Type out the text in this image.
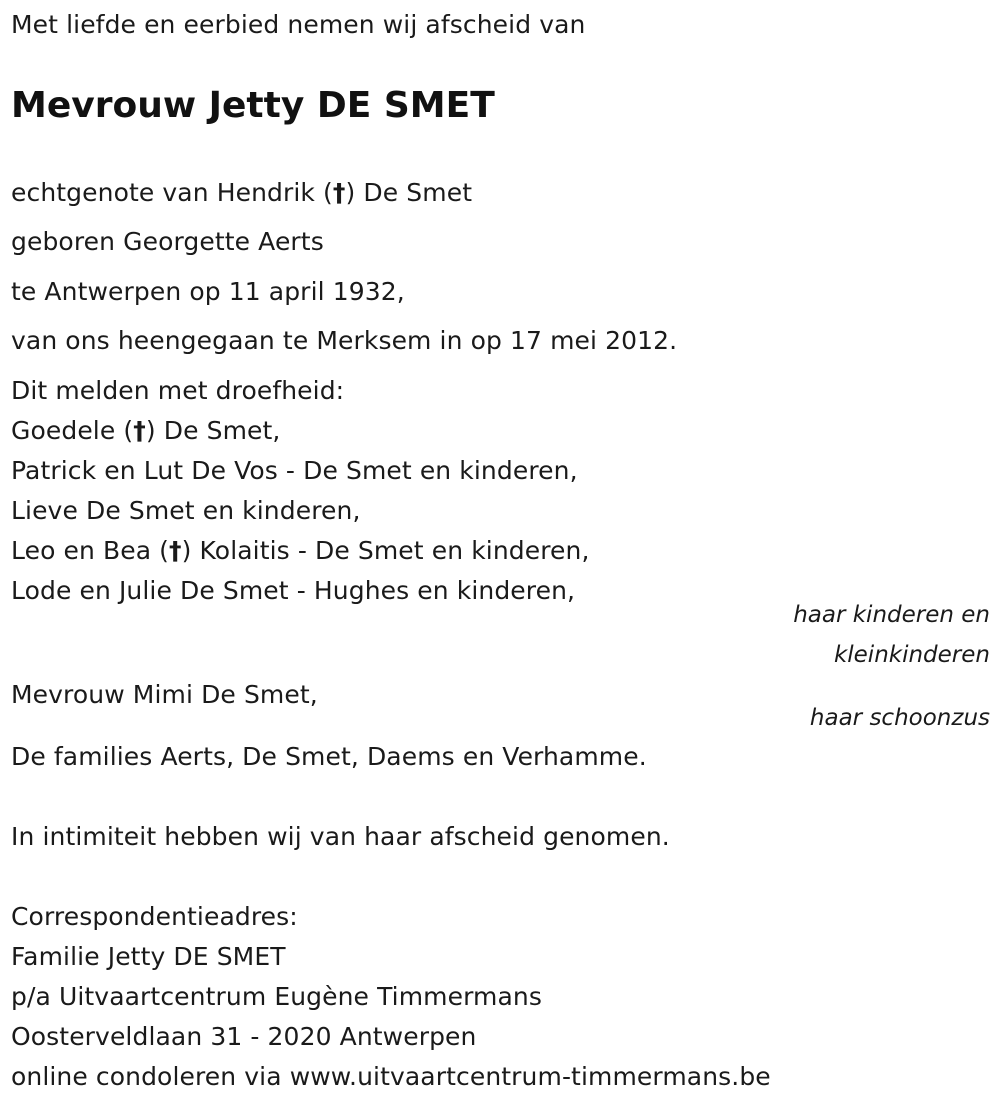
Met liefde en eerbied nemen wij afscheid van
Mevrouw Jetty DE SMET
echtgenote van Hendrik (†) De Smet
geboren Georgette Aerts
te Antwerpen op 11 april 1932,
van ons heengegaan te Merksem in op 17 mei 2012.
Dit melden met droefheid:
Goedele (†) De Smet,
Patrick en Lut De Vos - De Smet en kinderen,
Lieve De Smet en kinderen,
Leo en Bea (†) Kolaitis - De Smet en kinderen,
Lode en Julie De Smet - Hughes en kinderen,
haar kinderen en
kleinkinderen
Mevrouw Mimi De Smet,
haar schoonzus
De families Aerts, De Smet, Daems en Verhamme.
In intimiteit hebben wij van haar afscheid genomen.
Correspondentieadres:
Familie Jetty DE SMET
p/a Uitvaartcentrum Eugène Timmermans
Oosterveldlaan 31 - 2020 Antwerpen
online condoleren via www.uitvaartcentrum-timmermans.be
